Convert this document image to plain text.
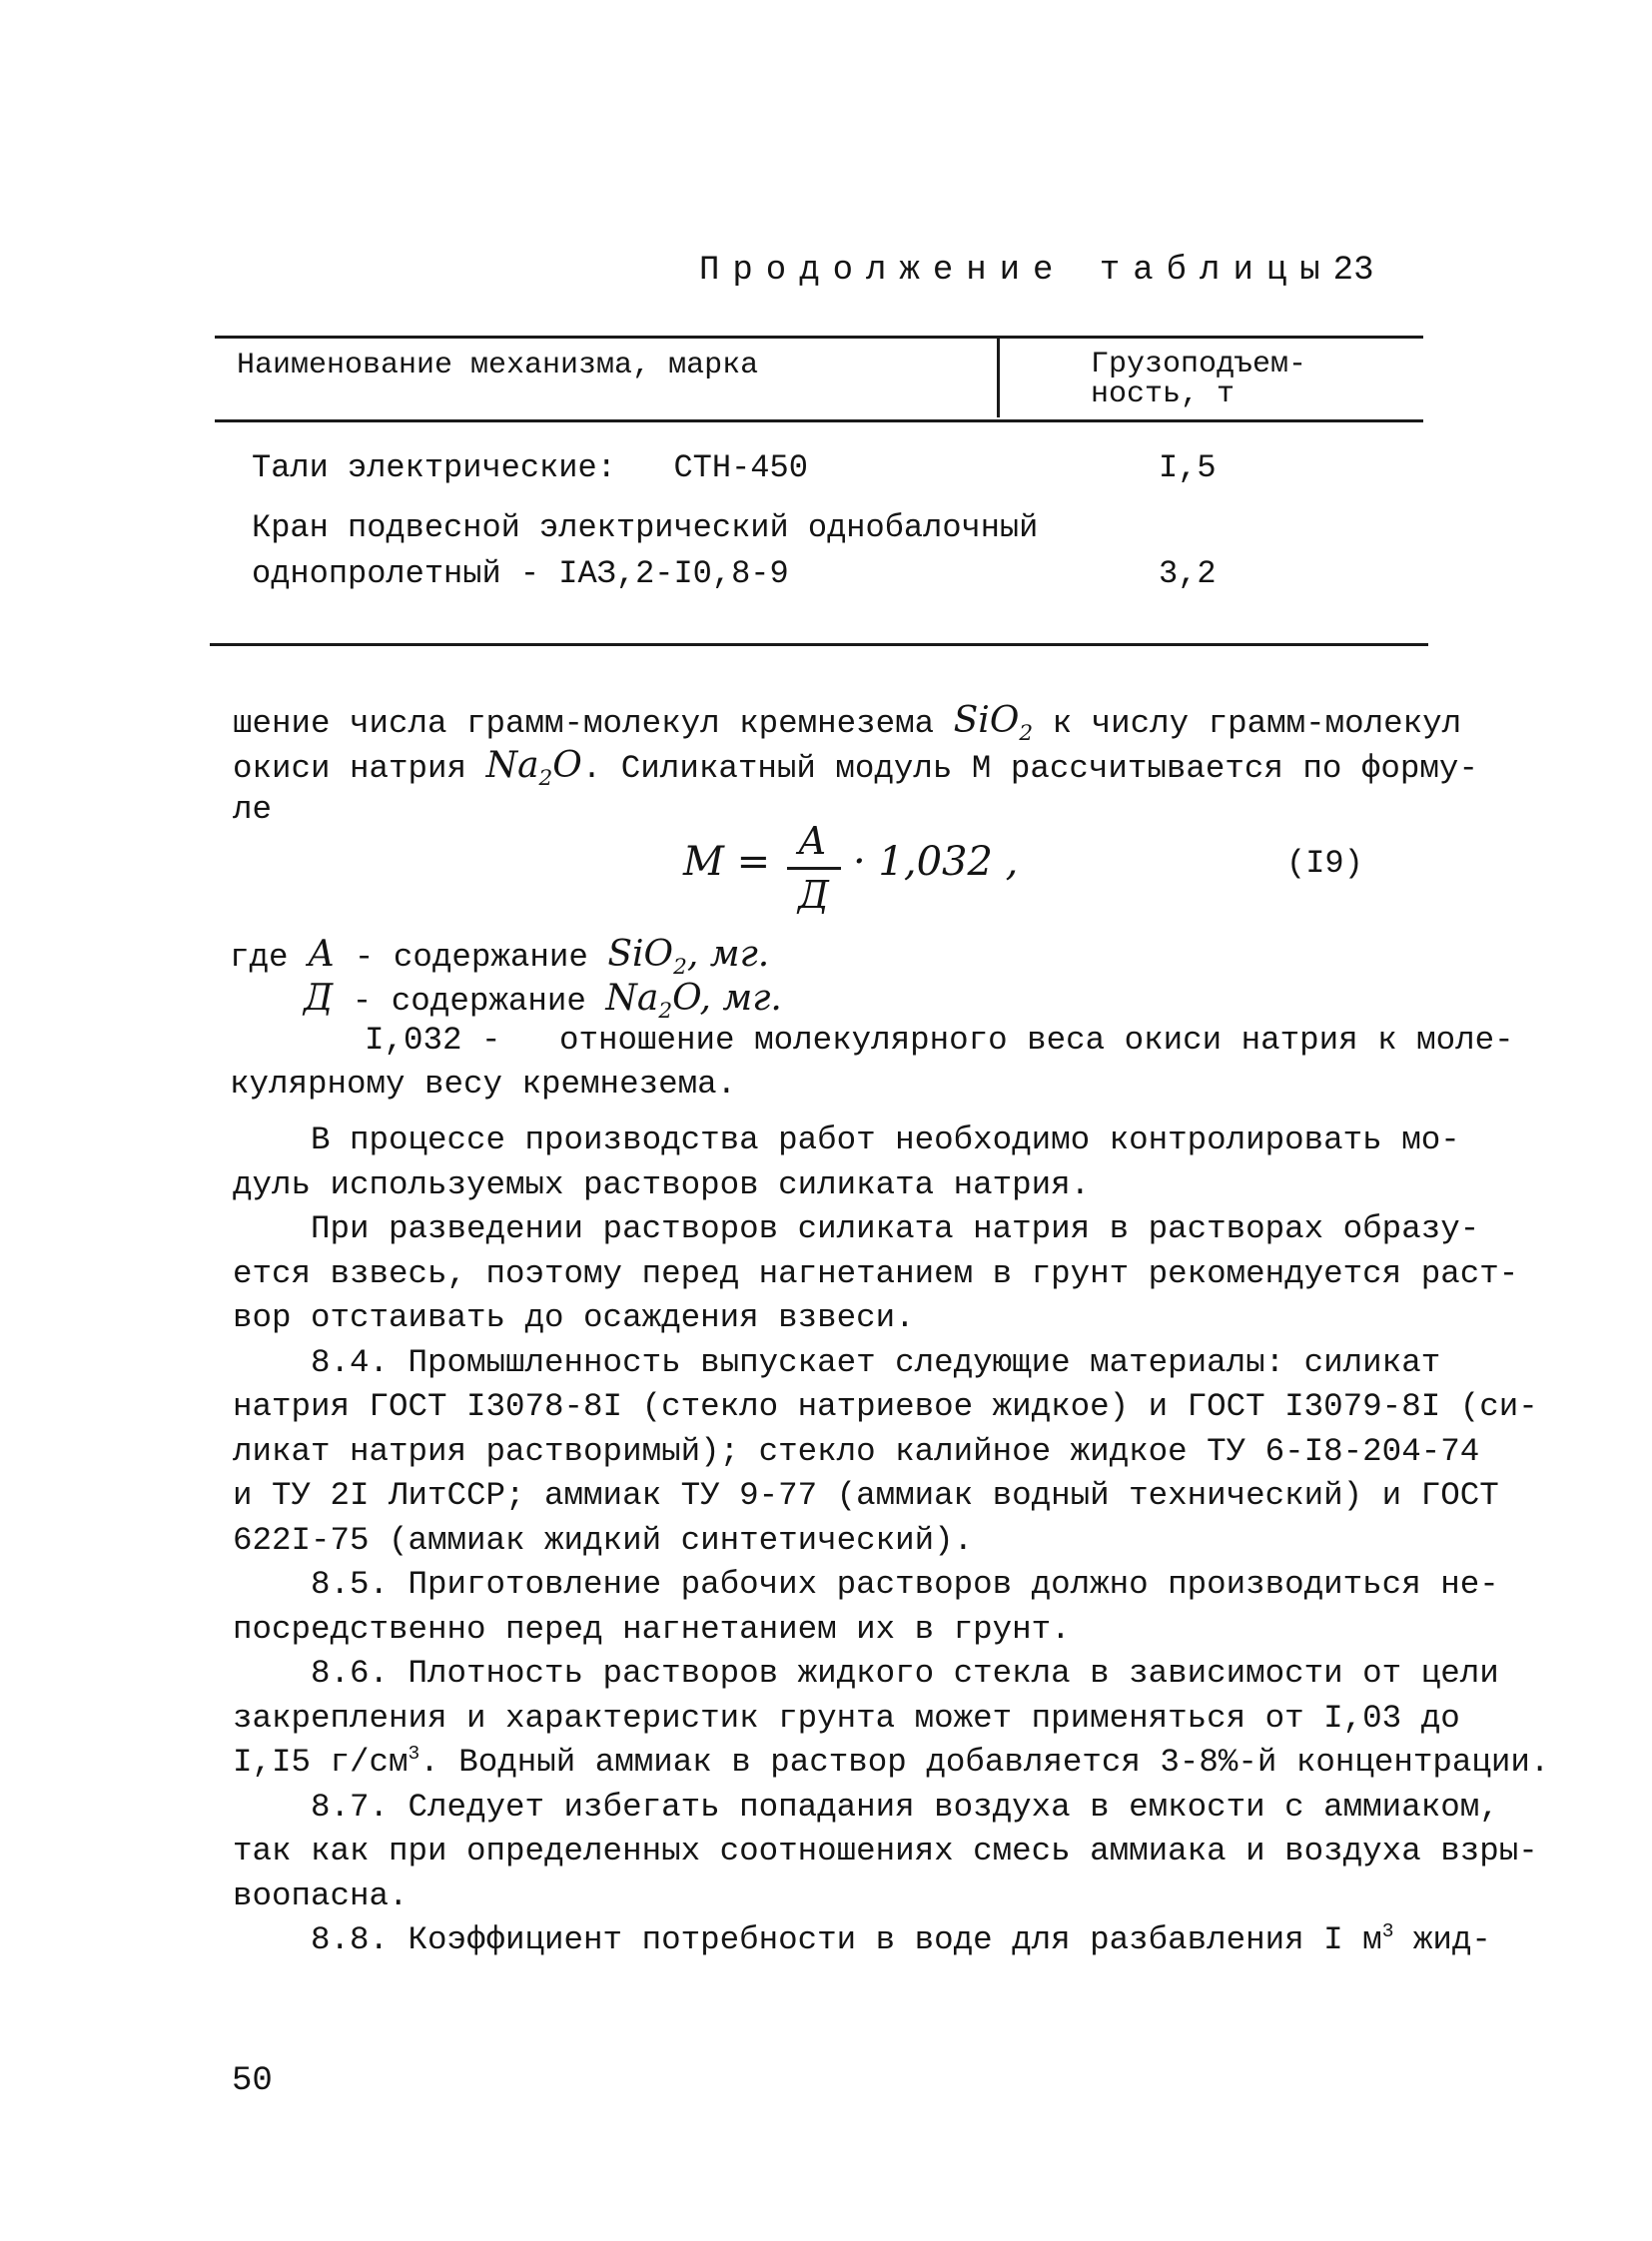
Продолжение таблицы23
Наименование механизма, марка	Грузоподъем-
ность, т
Тали электрические:   СТН-450	I,5
Кран подвесной электрический однобалочный
однопролетный - IАЗ,2-I0,8-9	3,2
шение числа грамм-молекул кремнезема SiO$_2$ к числу грамм-молекул
окиси натрия $Na_2O$. Силикатный модуль М рассчитывается по форму-
ле
M = А
Д
· 1,032 ,	(I9)
где А - содержание SiO$_2$, мг.
Д - содержание $Na_2O$, мг.
I,032 -   отношение молекулярного веса окиси натрия к моле-
кулярному весу кремнезема.
В процессе производства работ необходимо контролировать мо-
дуль используемых растворов силиката натрия.
При разведении растворов силиката натрия в растворах образу-
ется взвесь, поэтому перед нагнетанием в грунт рекомендуется раст-
вор отстаивать до осаждения взвеси.
8.4. Промышленность выпускает следующие материалы: силикат
натрия ГОСТ I3078-8I (стекло натриевое жидкое) и ГОСТ I3079-8I (си-
ликат натрия растворимый); стекло калийное жидкое ТУ 6-I8-204-74
и ТУ 2I ЛитССР; аммиак ТУ 9-77 (аммиак водный технический) и ГОСТ
622I-75 (аммиак жидкий синтетический).
8.5. Приготовление рабочих растворов должно производиться не-
посредственно перед нагнетанием их в грунт.
8.6. Плотность растворов жидкого стекла в зависимости от цели
закрепления и характеристик грунта может применяться от I,03 до
I,I5 $г/см^3$. Водный аммиак в раствор добавляется 3-8%-й концентрации.
8.7. Следует избегать попадания воздуха в емкости с аммиаком,
так как при определенных соотношениях смесь аммиака и воздуха взры-
воопасна.
8.8. Коэффициент потребности в воде для разбавления I $м^3$ жид-
50
